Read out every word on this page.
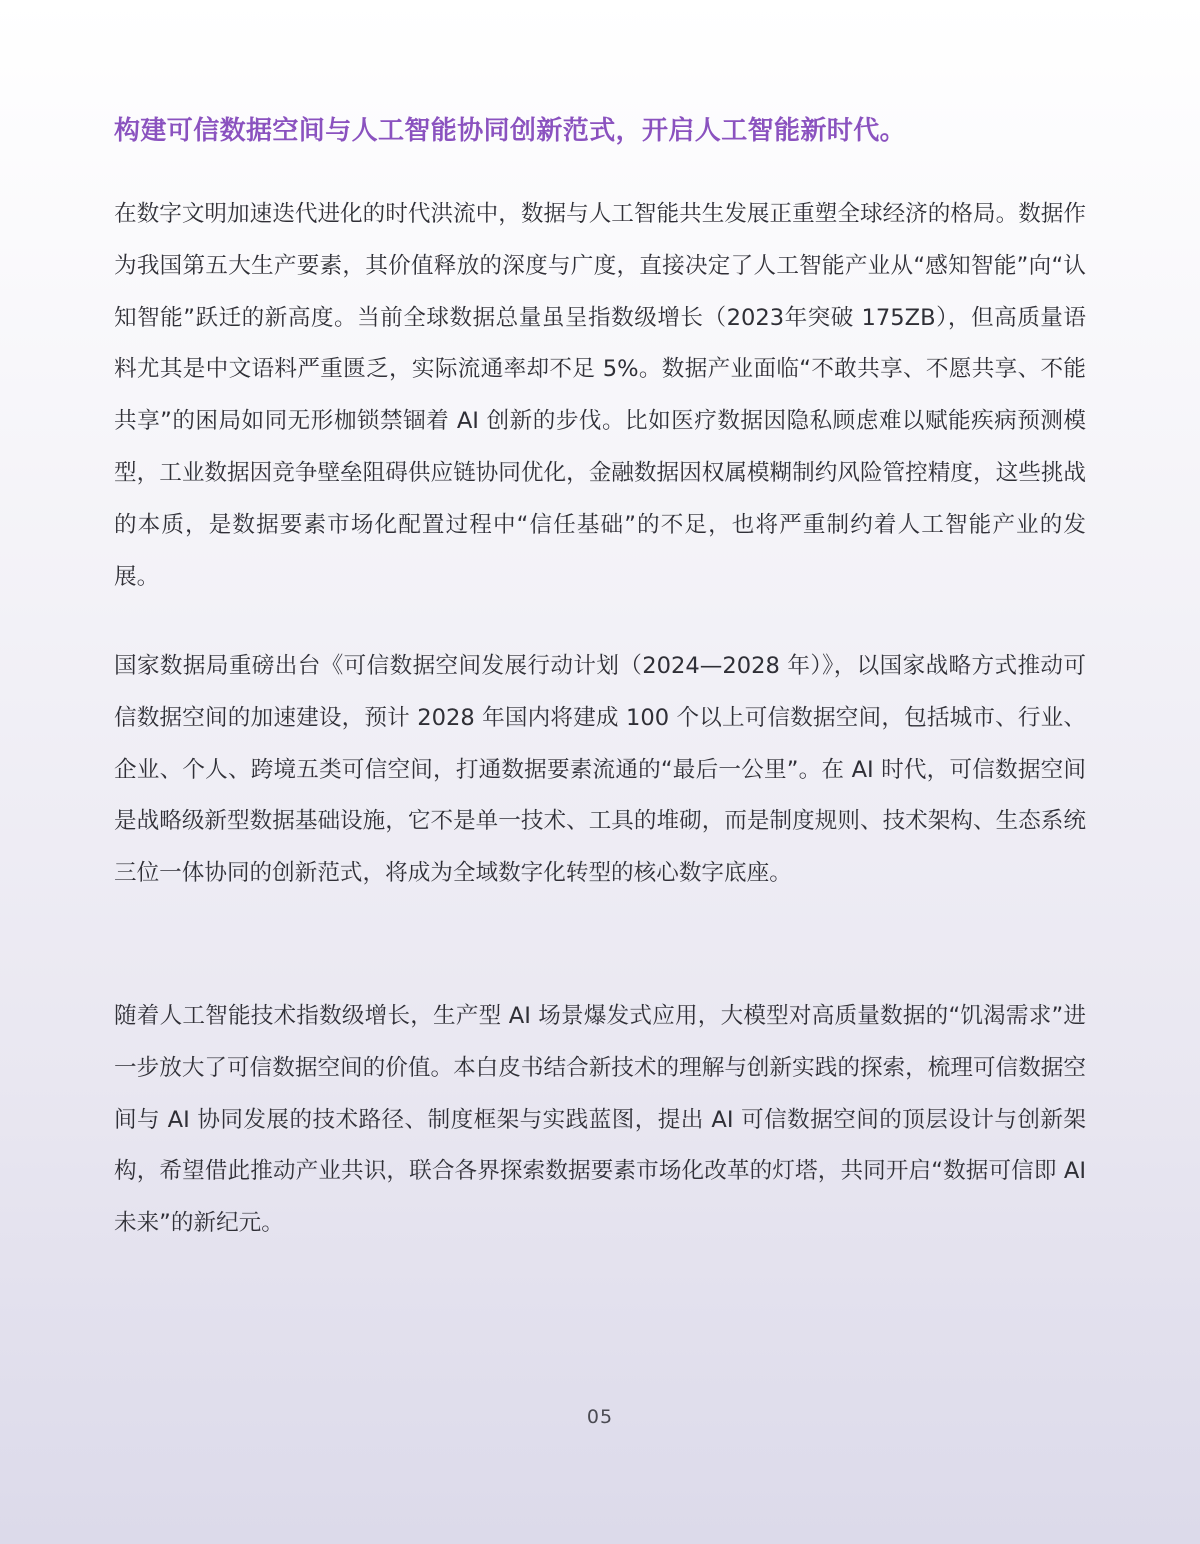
构建可信数据空间与人工智能协同创新范式，开启人工智能新时代。

在数字文明加速迭代进化的时代洪流中，数据与人工智能共生发展正重塑全球经济的格局。数据作为我国第五大生产要素，其价值释放的深度与广度，直接决定了人工智能产业从“感知智能”向“认知智能”跃迁的新高度。当前全球数据总量虽呈指数级增长（2023年突破 175ZB），但高质量语料尤其是中文语料严重匮乏，实际流通率却不足 5%。数据产业面临“不敢共享、不愿共享、不能共享”的困局如同无形枷锁禁锢着 AI 创新的步伐。比如医疗数据因隐私顾虑难以赋能疾病预测模型，工业数据因竞争壁垒阻碍供应链协同优化，金融数据因权属模糊制约风险管控精度，这些挑战的本质，是数据要素市场化配置过程中“信任基础”的不足，也将严重制约着人工智能产业的发展。

国家数据局重磅出台《可信数据空间发展行动计划（2024—2028 年）》，以国家战略方式推动可信数据空间的加速建设，预计 2028 年国内将建成 100 个以上可信数据空间，包括城市、行业、企业、个人、跨境五类可信空间，打通数据要素流通的“最后一公里”。在 AI 时代，可信数据空间是战略级新型数据基础设施，它不是单一技术、工具的堆砌，而是制度规则、技术架构、生态系统三位一体协同的创新范式，将成为全域数字化转型的核心数字底座。

随着人工智能技术指数级增长，生产型 AI 场景爆发式应用，大模型对高质量数据的“饥渴需求”进一步放大了可信数据空间的价值。本白皮书结合新技术的理解与创新实践的探索，梳理可信数据空间与 AI 协同发展的技术路径、制度框架与实践蓝图，提出 AI 可信数据空间的顶层设计与创新架构，希望借此推动产业共识，联合各界探索数据要素市场化改革的灯塔，共同开启“数据可信即 AI 未来”的新纪元。

05
